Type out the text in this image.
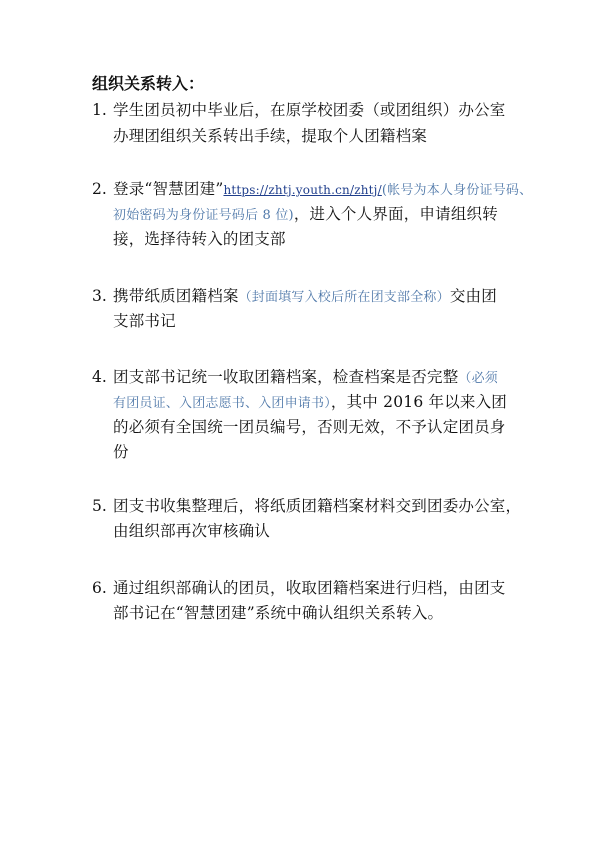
组织关系转入：
1. 学生团员初中毕业后，在原学校团委（或团组织）办公室
办理团组织关系转出手续，提取个人团籍档案
2. 登录“智慧团建”https://zhtj.youth.cn/zhtj/(帐号为本人身份证号码、
初始密码为身份证号码后 8 位)，进入个人界面，申请组织转
接，选择待转入的团支部
3. 携带纸质团籍档案（封面填写入校后所在团支部全称）交由团
支部书记
4. 团支部书记统一收取团籍档案，检查档案是否完整（必须
有团员证、入团志愿书、入团申请书），其中 2016 年以来入团
的必须有全国统一团员编号，否则无效，不予认定团员身
份
5. 团支书收集整理后，将纸质团籍档案材料交到团委办公室，
由组织部再次审核确认
6. 通过组织部确认的团员，收取团籍档案进行归档，由团支
部书记在“智慧团建”系统中确认组织关系转入。
